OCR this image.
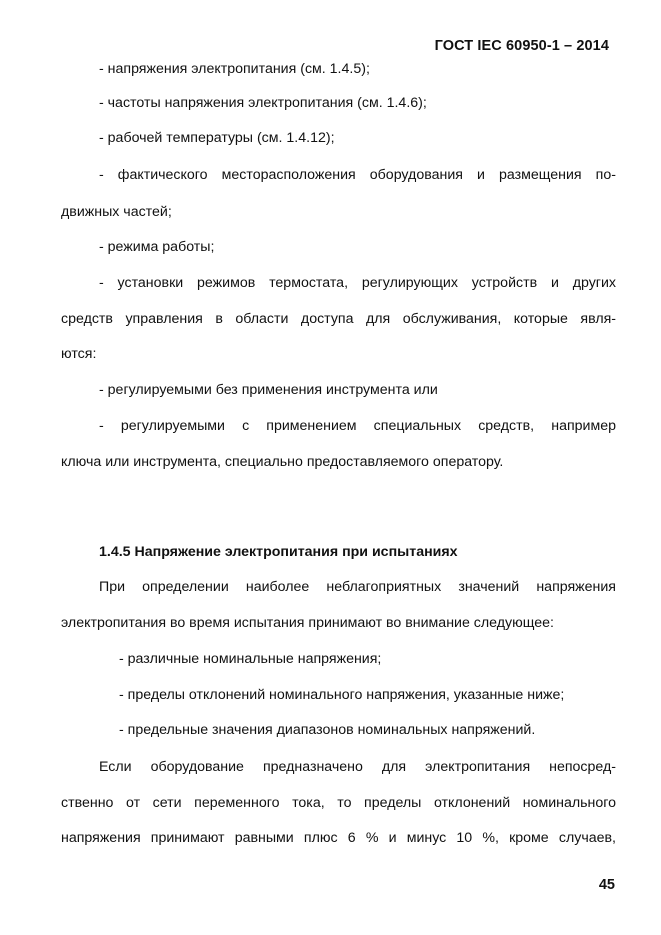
ГОСТ IEC 60950-1 – 2014
- напряжения электропитания (см. 1.4.5);
- частоты напряжения электропитания (см. 1.4.6);
- рабочей температуры (см. 1.4.12);
- фактического месторасположения оборудования и размещения по-
движных частей;
- режима работы;
- установки режимов термостата, регулирующих устройств и других
средств управления в области доступа для обслуживания, которые явля-
ются:
- регулируемыми без применения инструмента или
- регулируемыми с применением специальных средств, например
ключа или инструмента, специально предоставляемого оператору.
1.4.5 Напряжение электропитания при испытаниях
При определении наиболее неблагоприятных значений напряжения
электропитания во время испытания принимают во внимание следующее:
- различные номинальные напряжения;
- пределы отклонений номинального напряжения, указанные ниже;
- предельные значения диапазонов номинальных напряжений.
Если оборудование предназначено для электропитания непосред-
ственно от сети переменного тока, то пределы отклонений номинального
напряжения принимают равными плюс 6 % и минус 10 %, кроме случаев,
45
